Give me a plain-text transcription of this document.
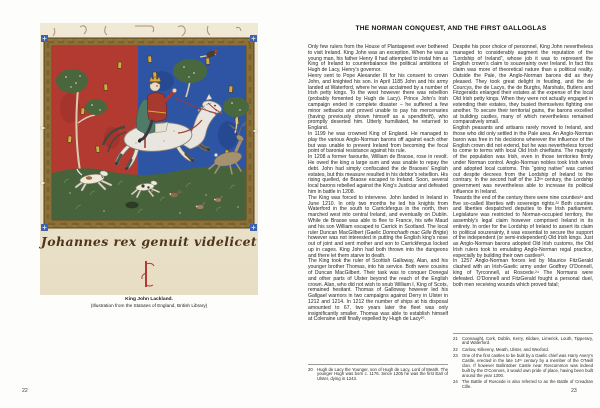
Johannes rex genuit videlicet
King John Lackland.
(Illustration from the Statutes of England, British Library)
22
THE NORMAN CONQUEST, AND THE FIRST GALLOGLAS

Only few rulers from the House of Plantagenet ever bothered to visit Ireland. King John was an exception. When he was a young man, his father Henry II had attempted to instal him as King of Ireland to counterbalance the political ambitions of Hugh de Lacy, Henry's governor.

Henry sent to Pope Alexander III for his consent to crown John, and knighted his son. In April 1185 John and his army landed at Waterford, where he was acclaimed by a number of Irish petty kings. To the west however there was rebellion (probably fomented by Hugh de Lacy). Prince John's Irish campaign ended in complete disaster – he suffered a few minor setbacks and proved unable to pay his mercenaries (having previously shown himself as a spendthrift), who promptly deserted him. Utterly humiliated, he returned to England.

In 1199 he was crowned King of England. He managed to play the various Anglo-Norman barons off against each other but was unable to prevent Ireland from becoming the focal point of baronial resistance against his rule.

In 1208 a former favourite, William de Braose, rose in revolt. He owed the king a large sum and was unable to repay the debt. John had simply confiscated the de Braoses' English estates, but this measure resulted in his debtor's rebellion. His rising quelled, de Braose escaped to Ireland. Soon, several local barons rebelled against the King's Justiciar and defeated him in battle in 1208.

The King was forced to intervene. John landed in Ireland in June 1210. In only two months he led his knights from Waterford in the south to Carrickfergus in the north, then marched west into central Ireland, and eventually on Dublin. While de Braose was able to flee to France, his wife Maud and his son William escaped to Carrick in Scotland. The local ruler Duncan MacGilbert (Gaelic Donnchadh mac Gille Brigte) however was not interested in putting the English king's nose out of joint and sent mother and son to Carrickfergus locked up in cages. King John had both thrown into the dungeons and there let them starve to death.

The King took the ruler of Scottish Galloway, Alan, and his younger brother Thomas, into his service. Both were cousins of Duncan MacGilbert. Their task was to conquer Donegal and other parts of Ulster beyond the reach of the English crown. Alan, who did not wish to snub William I, King of Scots, remained hesitant. Thomas of Galloway however led his Gallgael warriors in two campaigns against Derry in Ulster in 1212 and 1214. In 1212 the number of ships at his disposal amounted to 67, two years later the fleet was only insignificantly smaller. Thomas was able to establish himself at Coleraine until finally expelled by Hugh de Lacy²⁰.

20 Hugh de Lacy the Younger, son of Hugh de Lacy, Lord of Meath. The younger Hugh was born c. 1176. Since 1205 he was the first Earl of Ulster, dying in 1243.

Despite his poor choice of personnel, King John nevertheless managed to considerably augment the reputation of the “Lordship of Ireland”, whose job it was to represent the English crown's claim to souzerainty over Ireland. In fact this claim was more of theoretical nature than a political reality. Outside the Pale, the Anglo-Norman barons did as they pleased. They took great delight in feuding, and the de Courcys, the de Lacys, the de Burghs, Marshals, Butlers and Fitzgeralds enlarged their estates at the expense of the local Old Irish petty kings. When they were not actually engaged in extending their estates, they busied themselves fighting one another. To secure their territorial gains, the barons excelled at building castles, many of which nevertheless remained comparatively small.

English peasants and artisans rarely moved to Ireland, and those who did only settled in the Pale area. An Anglo-Norman baron was free in his decisions wherever the influence of the English crown did not extend, but he was nevertheless forced to come to terms with local Old Irish chieftains. The majority of the population was Irish, even in those territories firmly under Norman control. Anglo-Norman nobles took Irish wives and adopted local customs. This “going native” was carried out despite decrees from the Lordship of Ireland to the contrary. In the second half of the 13ᵗʰ century, the Lordship government was nevertheless able to increase its political influence in Ireland.

Towards the end of the century there were nine counties²¹ and five so-called liberties with sovereign rights.²² Both counties and liberties despatched deputies to the Irish parliament. Legislature was restricted to Norman-occupied territory, the assembly's legal claim however comprised Ireland in its entirety. In order for the Lordship of Ireland to assert its claim to political souzerainty, it was essential to secure the support of the independent (or semi-independent) Old Irish kings. Just as Anglo-Norman barons adopted Old Irish customs, the Old Irish rulers took to emulating Anglo-Norman regal practice, especially by building their own castles²³.

In 1257 Anglo-Norman forces led by Maurice FitzGerald clashed with an Irish-Gaelic army under Godfrey O'Donnell, king of Tyrconnell, at Roscede.²⁴ The Normans were defeated. O'Donnell and FitzGerald fought a personal duel, both men receiving wounds which proved fatal;

21 Connaught, Cork, Dublin, Kerry, Kildare, Limerick, Louth, Tipperary, and Waterford.
22 Carlow, Kilkenny, Meath, Ulster, and Wexford.
23 One of the first castles to be built by a Gaelic chief was Harry Avery's Castle, erected in the late 14ᵗʰ century by a member of the O'Neill clan. If however Ballintober Castle near Roscommon was indeed built by the O'Connors, it would own pride of place, having been built around the year 1300.
24 The Battle of Roscede is also referred to as the Battle of Creadran Cille.
23
